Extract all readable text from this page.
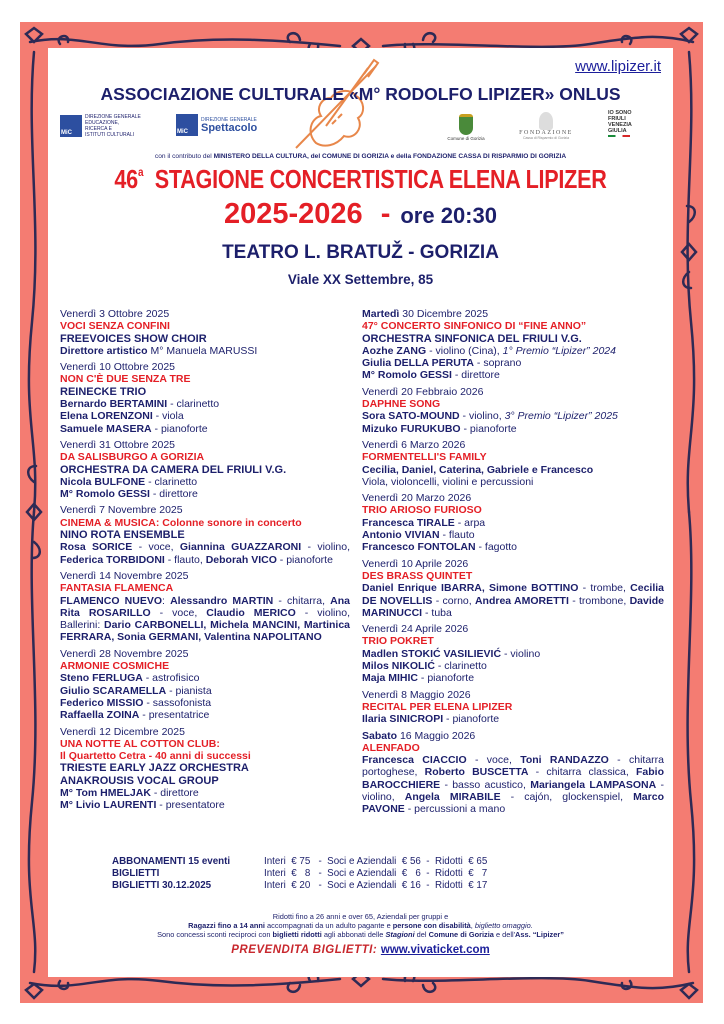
www.lipizer.it
ASSOCIAZIONE CULTURALE «M° RODOLFO LIPIZER» ONLUS
MiC
DIREZIONE GENERALE
EDUCAZIONE,
RICERCA E
ISTITUTI CULTURALI	MiC
DIREZIONE GENERALE
Spettacolo
Comune di Gorizia
FONDAZIONE
Cassa di Risparmio di Gorizia
IO SONO
FRIULI
VENEZIA
GIULIA
con il contributo del MINISTERO DELLA CULTURA, del COMUNE DI GORIZIA e della FONDAZIONE CASSA DI RISPARMIO DI GORIZIA
46$^a$ STAGIONE CONCERTISTICA ELENA LIPIZER
2025-2026 - ore 20:30
TEATRO L. BRATUŽ - GORIZIA
Viale XX Settembre, 85
Venerdì 3 Ottobre 2025
VOCI SENZA CONFINI
FREEVOICES SHOW CHOIR
Direttore artistico M° Manuela MARUSSI
Venerdì 10 Ottobre 2025
NON C'È DUE SENZA TRE
REINECKE TRIO
Bernardo BERTAMINI - clarinetto
Elena LORENZONI - viola
Samuele MASERA - pianoforte
Venerdì 31 Ottobre 2025
DA SALISBURGO A GORIZIA
ORCHESTRA DA CAMERA DEL FRIULI V.G.
Nicola BULFONE - clarinetto
M° Romolo GESSI - direttore
Venerdì 7 Novembre 2025
CINEMA & MUSICA: Colonne sonore in concerto
NINO ROTA ENSEMBLE
Rosa SORICE - voce, Giannina GUAZZARONI - violino, Federica TORBIDONI - flauto, Deborah VICO - pianoforte
Venerdì 14 Novembre 2025
FANTASIA FLAMENCA
FLAMENCO NUEVO: Alessandro MARTIN - chitarra, Ana Rita ROSARILLO - voce, Claudio MERICO - violino, Ballerini: Dario CARBONELLI, Michela MANCINI, Martinica FERRARA, Sonia GERMANI, Valentina NAPOLITANO
Venerdì 28 Novembre 2025
ARMONIE COSMICHE
Steno FERLUGA - astrofisico
Giulio SCARAMELLA - pianista
Federico MISSIO - sassofonista
Raffaella ZOINA - presentatrice
Venerdì 12 Dicembre 2025
UNA NOTTE AL COTTON CLUB:
Il Quartetto Cetra - 40 anni di successi
TRIESTE EARLY JAZZ ORCHESTRA
ANAKROUSIS VOCAL GROUP
M° Tom HMELJAK - direttore
M° Livio LAURENTI - presentatore
Martedì 30 Dicembre 2025
47° CONCERTO SINFONICO DI “FINE ANNO”
ORCHESTRA SINFONICA DEL FRIULI V.G.
Aozhe ZANG - violino (Cina), 1° Premio “Lipizer” 2024
Giulia DELLA PERUTA - soprano
M° Romolo GESSI - direttore
Venerdì 20 Febbraio 2026
DAPHNE SONG
Sora SATO-MOUND - violino, 3° Premio “Lipizer” 2025
Mizuko FURUKUBO - pianoforte
Venerdì 6 Marzo 2026
FORMENTELLI'S FAMILY
Cecilia, Daniel, Caterina, Gabriele e Francesco
Viola, violoncelli, violini e percussioni
Venerdì 20 Marzo 2026
TRIO ARIOSO FURIOSO
Francesca TIRALE - arpa
Antonio VIVIAN - flauto
Francesco FONTOLAN - fagotto
Venerdì 10 Aprile 2026
DES BRASS QUINTET
Daniel Enrique IBARRA, Simone BOTTINO - trombe, Cecilia DE NOVELLIS - corno, Andrea AMORETTI - trombone, Davide MARINUCCI - tuba
Venerdì 24 Aprile 2026
TRIO POKRET
Madlen STOKIĆ VASILIEVIĆ - violino
Milos NIKOLIĆ - clarinetto
Maja MIHIC - pianoforte
Venerdì 8 Maggio 2026
RECITAL PER ELENA LIPIZER
Ilaria SINICROPI - pianoforte
Sabato 16 Maggio 2026
ALENFADO
Francesca CIACCIO - voce, Toni RANDAZZO - chitarra portoghese, Roberto BUSCETTA - chitarra classica, Fabio BAROCCHIERE - basso acustico, Mariangela LAMPASONA - violino, Angela MIRABILE - cajón, glockenspiel, Marco PAVONE - percussioni a mano
ABBONAMENTI 15 eventi	Interi  € 75   -  Soci e Aziendali  € 56  -  Ridotti  € 65
BIGLIETTI	Interi  €   8   -  Soci e Aziendali  €   6  -  Ridotti  €   7
BIGLIETTI 30.12.2025	Interi  € 20   -  Soci e Aziendali  € 16  -  Ridotti  € 17
Ridotti fino a 26 anni e over 65, Aziendali per gruppi e
Ragazzi fino a 14 anni accompagnati da un adulto pagante e persone con disabilità, biglietto omaggio.
Sono concessi sconti reciproci con biglietti ridotti agli abbonati delle Stagioni del Comune di Gorizia e dell'Ass. “Lipizer”
PREVENDITA BIGLIETTI: www.vivaticket.com
